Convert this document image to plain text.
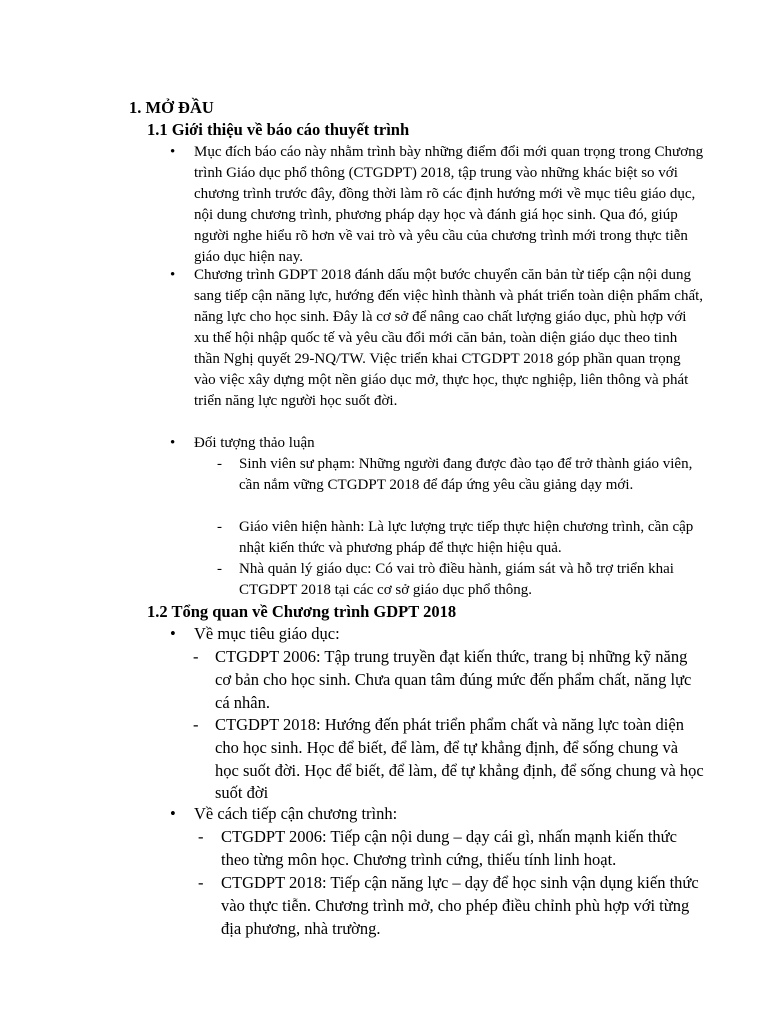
1. MỞ ĐẦU
1.1 Giới thiệu về báo cáo thuyết trình
• Mục đích báo cáo này nhằm trình bày những điểm đổi mới quan trọng trong Chương trình Giáo dục phổ thông (CTGDPT) 2018, tập trung vào những khác biệt so với chương trình trước đây, đồng thời làm rõ các định hướng mới về mục tiêu giáo dục, nội dung chương trình, phương pháp dạy học và đánh giá học sinh. Qua đó, giúp người nghe hiểu rõ hơn về vai trò và yêu cầu của chương trình mới trong thực tiễn giáo dục hiện nay.
• Chương trình GDPT 2018 đánh dấu một bước chuyển căn bản từ tiếp cận nội dung sang tiếp cận năng lực, hướng đến việc hình thành và phát triển toàn diện phẩm chất, năng lực cho học sinh. Đây là cơ sở để nâng cao chất lượng giáo dục, phù hợp với xu thế hội nhập quốc tế và yêu cầu đổi mới căn bản, toàn diện giáo dục theo tinh thần Nghị quyết 29-NQ/TW. Việc triển khai CTGDPT 2018 góp phần quan trọng vào việc xây dựng một nền giáo dục mở, thực học, thực nghiệp, liên thông và phát triển năng lực người học suốt đời.
• Đối tượng thảo luận
- Sinh viên sư phạm: Những người đang được đào tạo để trở thành giáo viên, cần nắm vững CTGDPT 2018 để đáp ứng yêu cầu giảng dạy mới.
- Giáo viên hiện hành: Là lực lượng trực tiếp thực hiện chương trình, cần cập nhật kiến thức và phương pháp để thực hiện hiệu quả.
- Nhà quản lý giáo dục: Có vai trò điều hành, giám sát và hỗ trợ triển khai CTGDPT 2018 tại các cơ sở giáo dục phổ thông.
1.2 Tổng quan về Chương trình GDPT 2018
• Về mục tiêu giáo dục:
- CTGDPT 2006: Tập trung truyền đạt kiến thức, trang bị những kỹ năng cơ bản cho học sinh. Chưa quan tâm đúng mức đến phẩm chất, năng lực cá nhân.
- CTGDPT 2018: Hướng đến phát triển phẩm chất và năng lực toàn diện cho học sinh. Học để biết, để làm, để tự khẳng định, để sống chung và học suốt đời. Học để biết, để làm, để tự khẳng định, để sống chung và học suốt đời
• Về cách tiếp cận chương trình:
- CTGDPT 2006: Tiếp cận nội dung – dạy cái gì, nhấn mạnh kiến thức theo từng môn học. Chương trình cứng, thiếu tính linh hoạt.
- CTGDPT 2018: Tiếp cận năng lực – dạy để học sinh vận dụng kiến thức vào thực tiễn. Chương trình mở, cho phép điều chỉnh phù hợp với từng địa phương, nhà trường.
